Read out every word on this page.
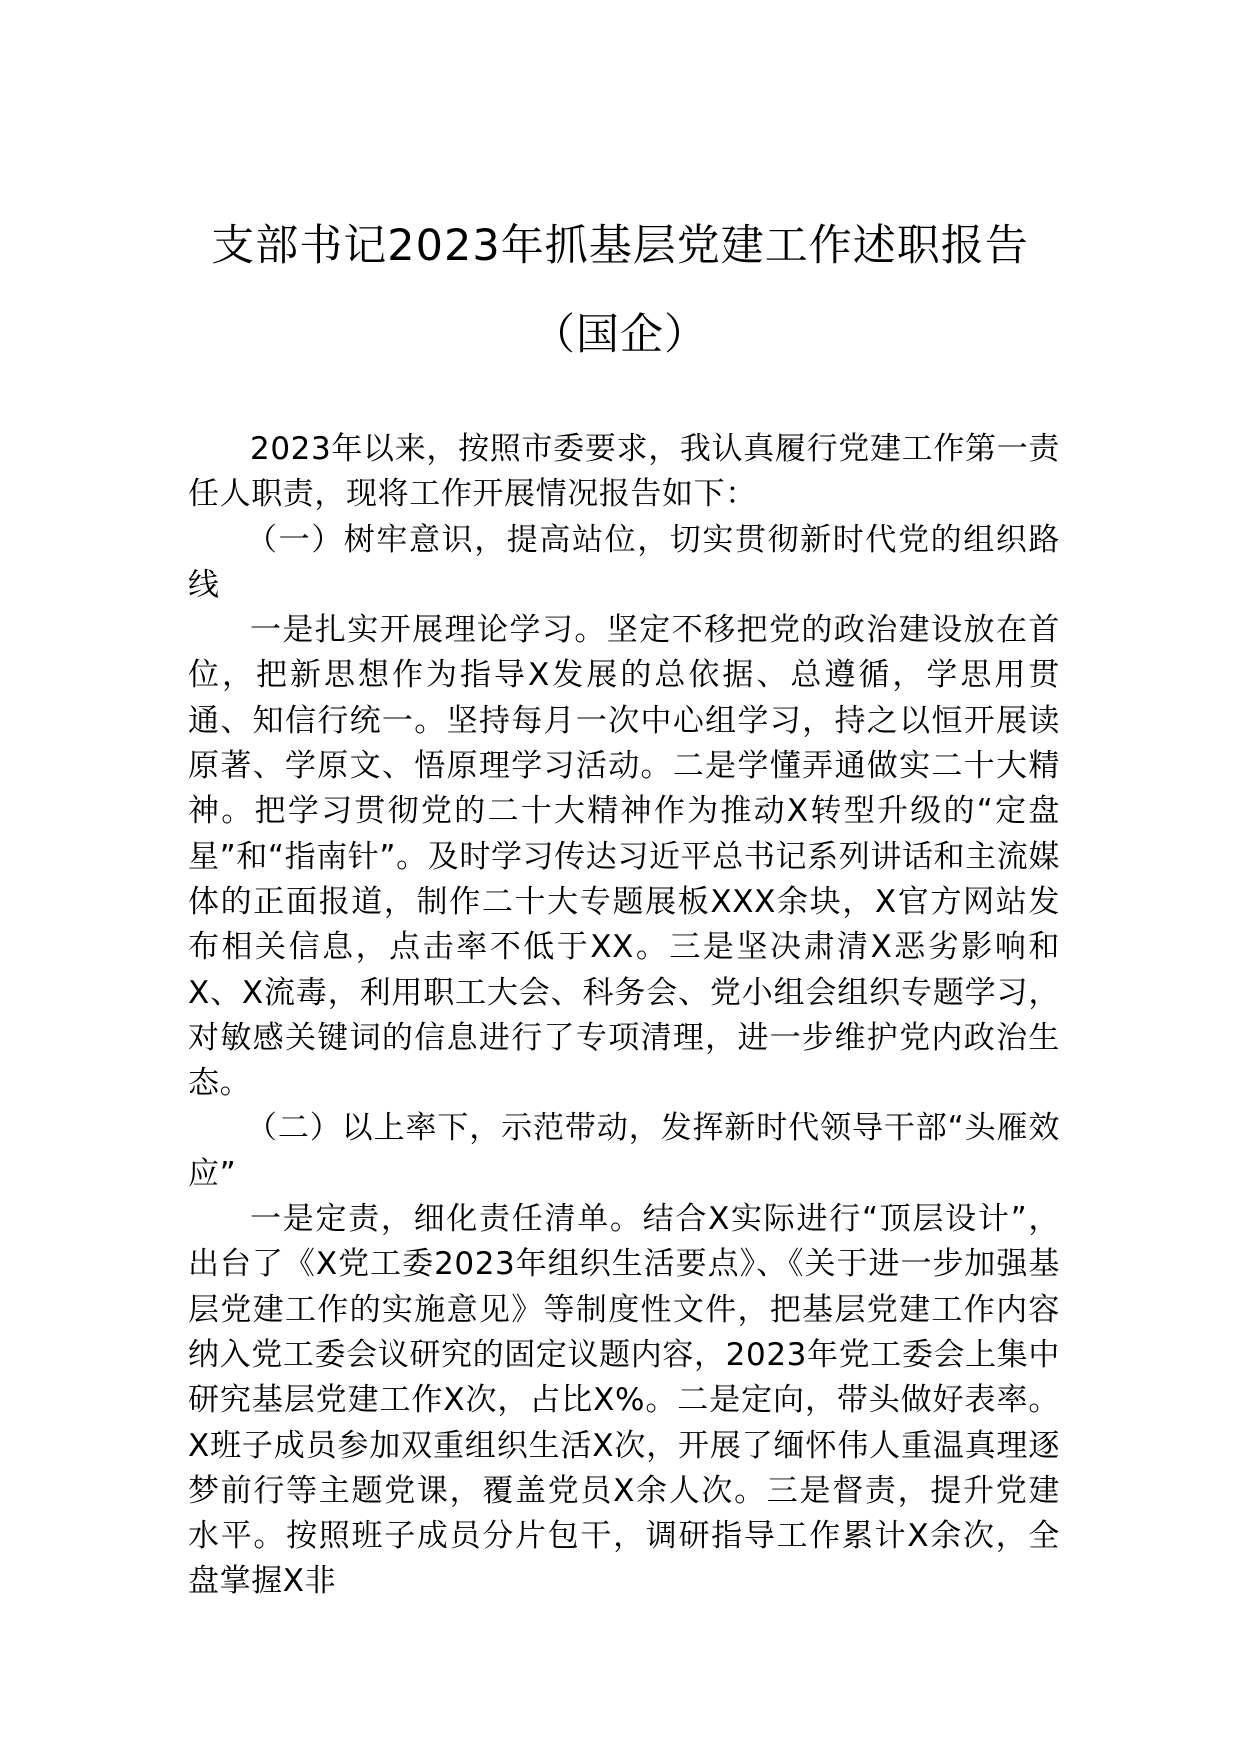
支部书记2023年抓基层党建工作述职报告
（国企）

2023年以来，按照市委要求，我认真履行党建工作第一责任人职责，现将工作开展情况报告如下：

（一）树牢意识，提高站位，切实贯彻新时代党的组织路线

一是扎实开展理论学习。坚定不移把党的政治建设放在首位，把新思想作为指导X发展的总依据、总遵循，学思用贯通、知信行统一。坚持每月一次中心组学习，持之以恒开展读原著、学原文、悟原理学习活动。二是学懂弄通做实二十大精神。把学习贯彻党的二十大精神作为推动X转型升级的“定盘星”和“指南针”。及时学习传达习近平总书记系列讲话和主流媒体的正面报道，制作二十大专题展板XXX余块，X官方网站发布相关信息，点击率不低于XX。三是坚决肃清X恶劣影响和X、X流毒，利用职工大会、科务会、党小组会组织专题学习，对敏感关键词的信息进行了专项清理，进一步维护党内政治生态。

（二）以上率下，示范带动，发挥新时代领导干部“头雁效应”

一是定责，细化责任清单。结合X实际进行“顶层设计”，出台了《X党工委2023年组织生活要点》、《关于进一步加强基层党建工作的实施意见》等制度性文件，把基层党建工作内容纳入党工委会议研究的固定议题内容，2023年党工委会上集中研究基层党建工作X次，占比X%。二是定向，带头做好表率。X班子成员参加双重组织生活X次，开展了缅怀伟人重温真理逐梦前行等主题党课，覆盖党员X余人次。三是督责，提升党建水平。按照班子成员分片包干，调研指导工作累计X余次，全盘掌握X非
